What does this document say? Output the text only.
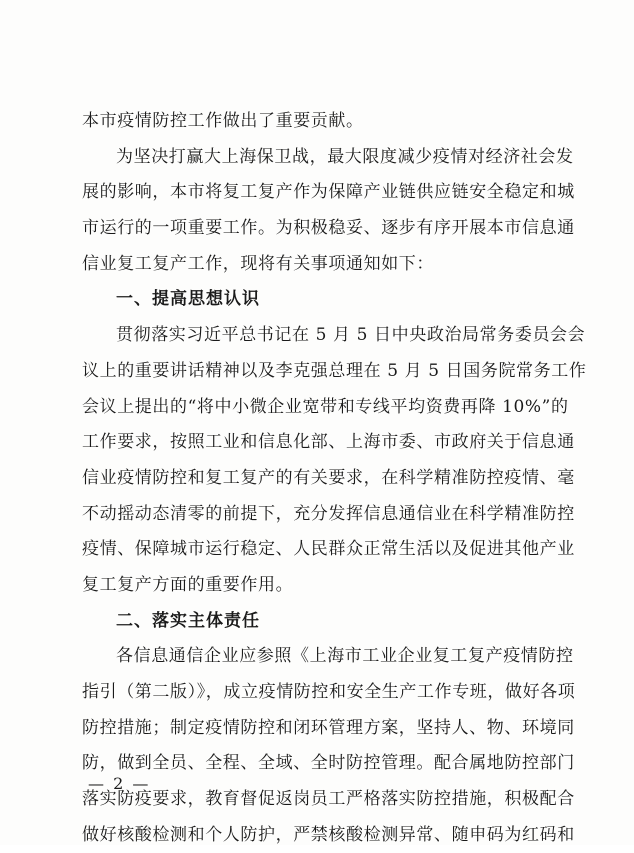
本市疫情防控工作做出了重要贡献。
为坚决打赢大上海保卫战，最大限度减少疫情对经济社会发
展的影响，本市将复工复产作为保障产业链供应链安全稳定和城
市运行的一项重要工作。为积极稳妥、逐步有序开展本市信息通
信业复工复产工作，现将有关事项通知如下：
一、提高思想认识
贯彻落实习近平总书记在 5 月 5 日中央政治局常务委员会会
议上的重要讲话精神以及李克强总理在 5 月 5 日国务院常务工作
会议上提出的“将中小微企业宽带和专线平均资费再降 10%”的
工作要求，按照工业和信息化部、上海市委、市政府关于信息通
信业疫情防控和复工复产的有关要求，在科学精准防控疫情、毫
不动摇动态清零的前提下，充分发挥信息通信业在科学精准防控
疫情、保障城市运行稳定、人民群众正常生活以及促进其他产业
复工复产方面的重要作用。
二、落实主体责任
各信息通信企业应参照《上海市工业企业复工复产疫情防控
指引（第二版）》，成立疫情防控和安全生产工作专班，做好各项
防控措施；制定疫情防控和闭环管理方案，坚持人、物、环境同
防，做到全员、全程、全域、全时防控管理。配合属地防控部门
落实防疫要求，教育督促返岗员工严格落实防控措施，积极配合
做好核酸检测和个人防护，严禁核酸检测异常、随申码为红码和
— 2 —
